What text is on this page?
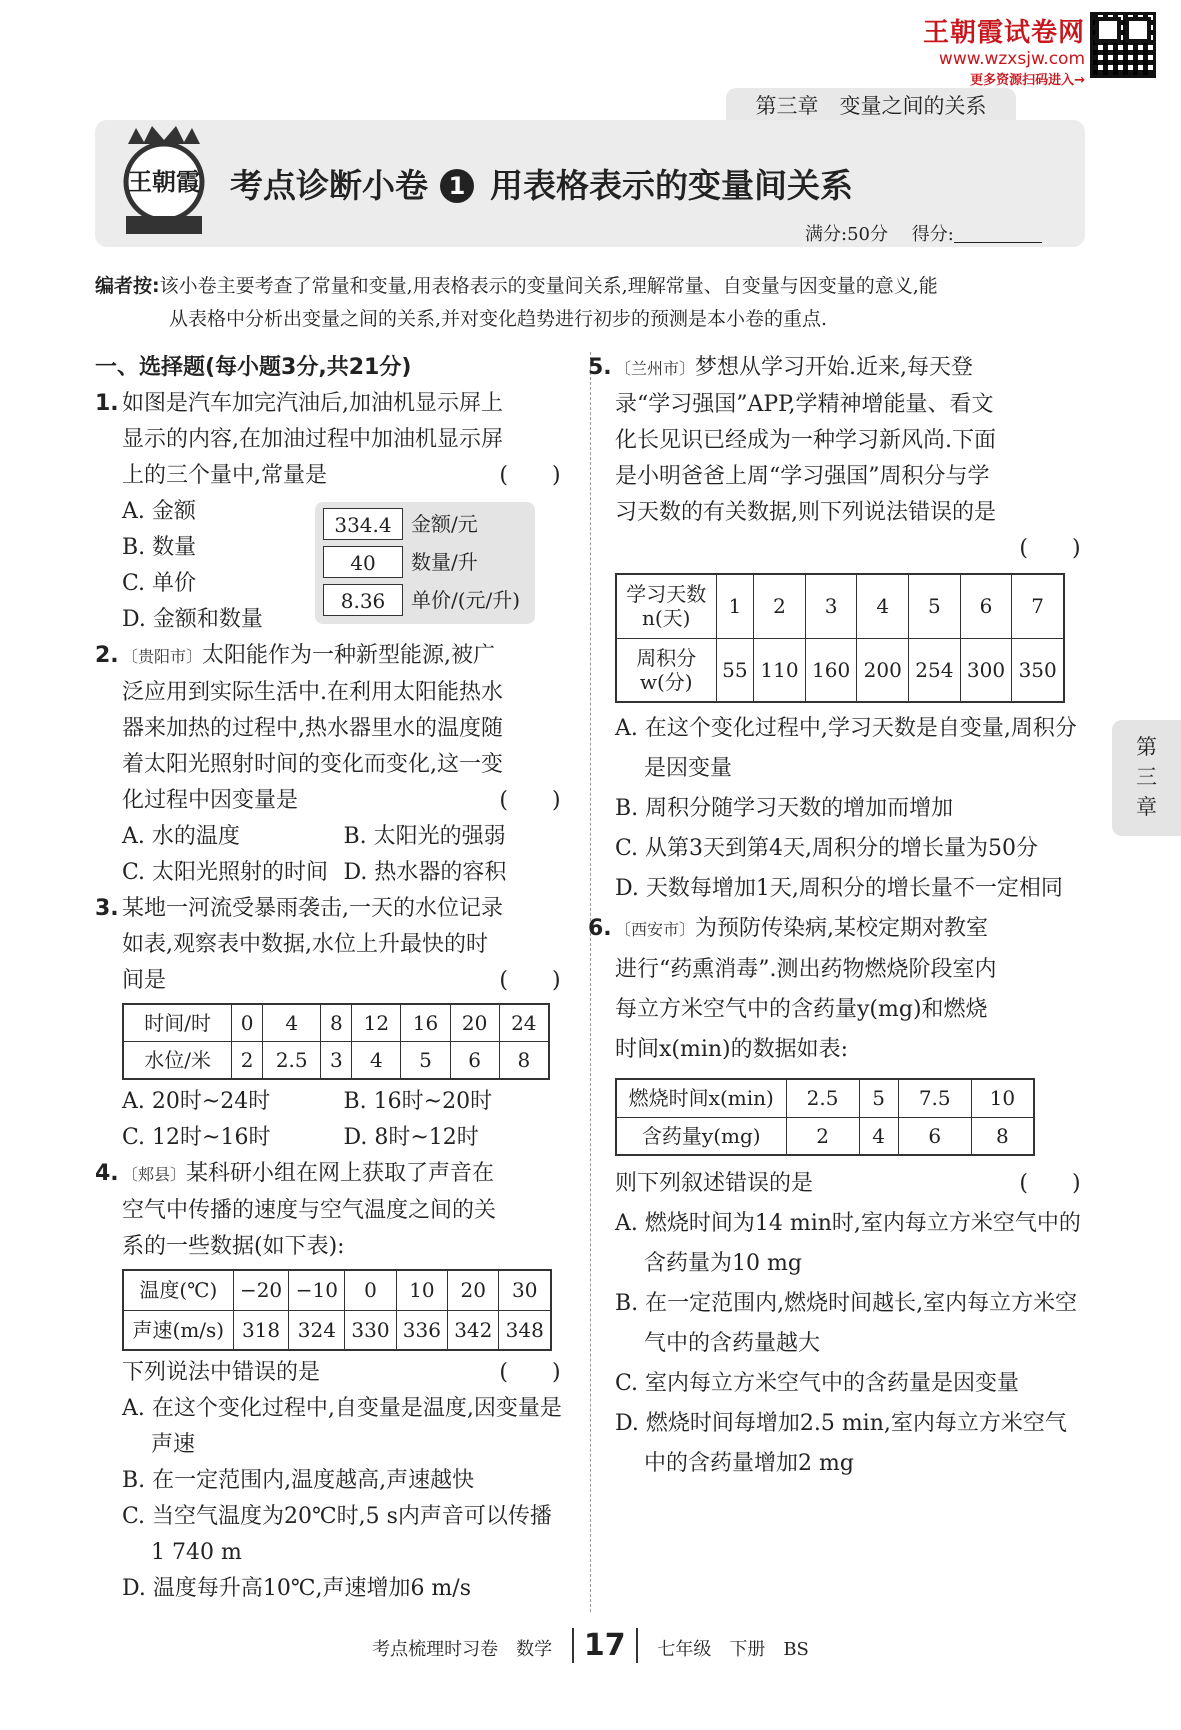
王朝霞试卷网
www.wzxsjw.com
更多资源扫码进入→
第三章　变量之间的关系
王朝霞 考点诊断小卷 1 用表格表示的变量间关系
满分:50分　 得分:
编者按:该小卷主要考查了常量和变量,用表格表示的变量间关系,理解常量、自变量与因变量的意义,能
从表格中分析出变量之间的关系,并对变化趋势进行初步的预测是本小卷的重点.
一、选择题(每小题3分,共21分)
1. 如图是汽车加完汽油后,加油机显示屏上
显示的内容,在加油过程中加油机显示屏
上的三个量中,常量是
(  )
A. 金额
B. 数量
C. 单价
D. 金额和数量
2. 〔贵阳市〕太阳能作为一种新型能源,被广
泛应用到实际生活中.在利用太阳能热水
器来加热的过程中,热水器里水的温度随
着太阳光照射时间的变化而变化,这一变
化过程中因变量是
(  )
A. 水的温度	B. 太阳光的强弱
C. 太阳光照射的时间 D. 热水器的容积
3. 某地一河流受暴雨袭击,一天的水位记录
如表,观察表中数据,水位上升最快的时
间是
(  )
时间/时	0	4	8	12	16	20	24
水位/米	2	2.5	3	4	5	6	8
A. 20时~24时	B. 16时~20时
C. 12时~16时	D. 8时~12时
4. 〔郏县〕某科研小组在网上获取了声音在
空气中传播的速度与空气温度之间的关
系的一些数据(如下表):
温度(℃)	−20	−10	0	10	20	30
声速(m/s)	318	324	330	336	342	348
下列说法中错误的是
(  )
A. 在这个变化过程中,自变量是温度,因变量是声速
B. 在一定范围内,温度越高,声速越快
C. 当空气温度为20℃时,5 s内声音可以传播1 740 m
D. 温度每升高10℃,声速增加6 m/s
334.4 金额/元
40	数量/升
8.36	单价/(元/升)
5. 〔兰州市〕梦想从学习开始.近来,每天登
录“学习强国”APP,学精神增能量、看文
化长见识已经成为一种学习新风尚.下面
是小明爸爸上周“学习强国”周积分与学
习天数的有关数据,则下列说法错误的是
(  )
学习天数n(天)	1	2	3	4	5	6	7
周积分w(分)	55	110	160	200	254	300	350
A. 在这个变化过程中,学习天数是自变量,周积分是因变量
B. 周积分随学习天数的增加而增加
C. 从第3天到第4天,周积分的增长量为50分
D. 天数每增加1天,周积分的增长量不一定相同
6. 〔西安市〕为预防传染病,某校定期对教室
进行“药熏消毒”.测出药物燃烧阶段室内
每立方米空气中的含药量y(mg)和燃烧
时间x(min)的数据如表:
燃烧时间x(min)	2.5	5	7.5	10
含药量y(mg)	2	4	6	8
则下列叙述错误的是
(  )
A. 燃烧时间为14 min时,室内每立方米空气中的含药量为10 mg
B. 在一定范围内,燃烧时间越长,室内每立方米空气中的含药量越大
C. 室内每立方米空气中的含药量是因变量
D. 燃烧时间每增加2.5 min,室内每立方米空气中的含药量增加2 mg
第
三
章
考点梳理时习卷　数学 17 七年级　下册　BS
